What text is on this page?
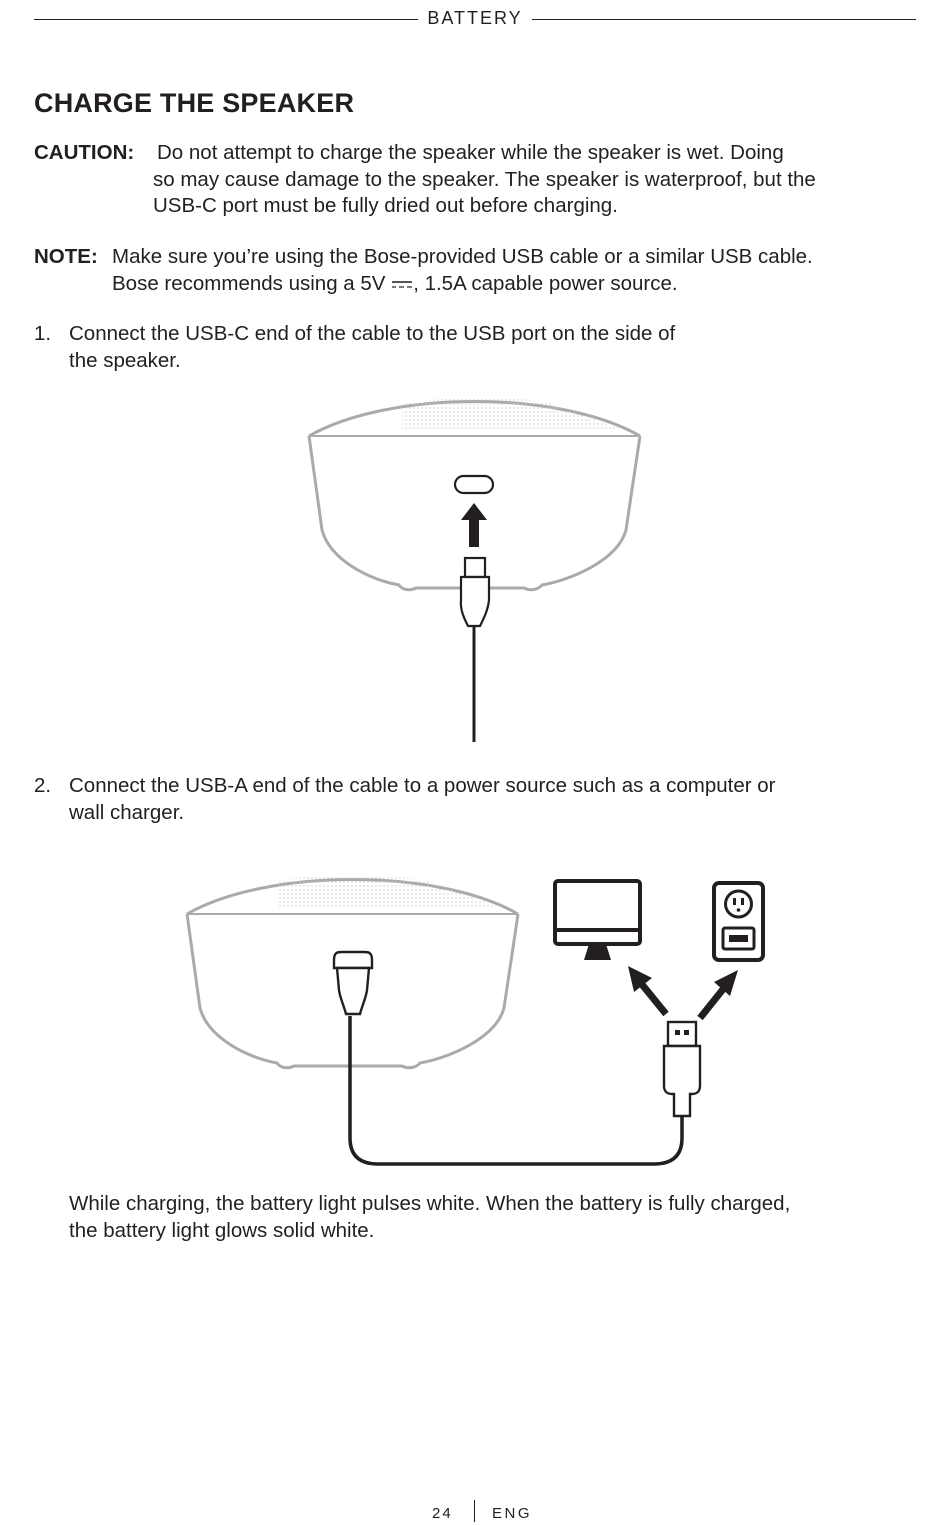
BATTERY
CHARGE THE SPEAKER
CAUTION: Do not attempt to charge the speaker while the speaker is wet. Doing
so may cause damage to the speaker. The speaker is waterproof, but the
USB-C port must be fully dried out before charging.
NOTE: Make sure you’re using the Bose-provided USB cable or a similar USB cable.
Bose recommends using a 5V , 1.5A capable power source.
1. Connect the USB-C end of the cable to the USB port on the side of
the speaker.
2. Connect the USB-A end of the cable to a power source such as a computer or
wall charger.
While charging, the battery light pulses white. When the battery is fully charged,
the battery light glows solid white.
24	ENG
